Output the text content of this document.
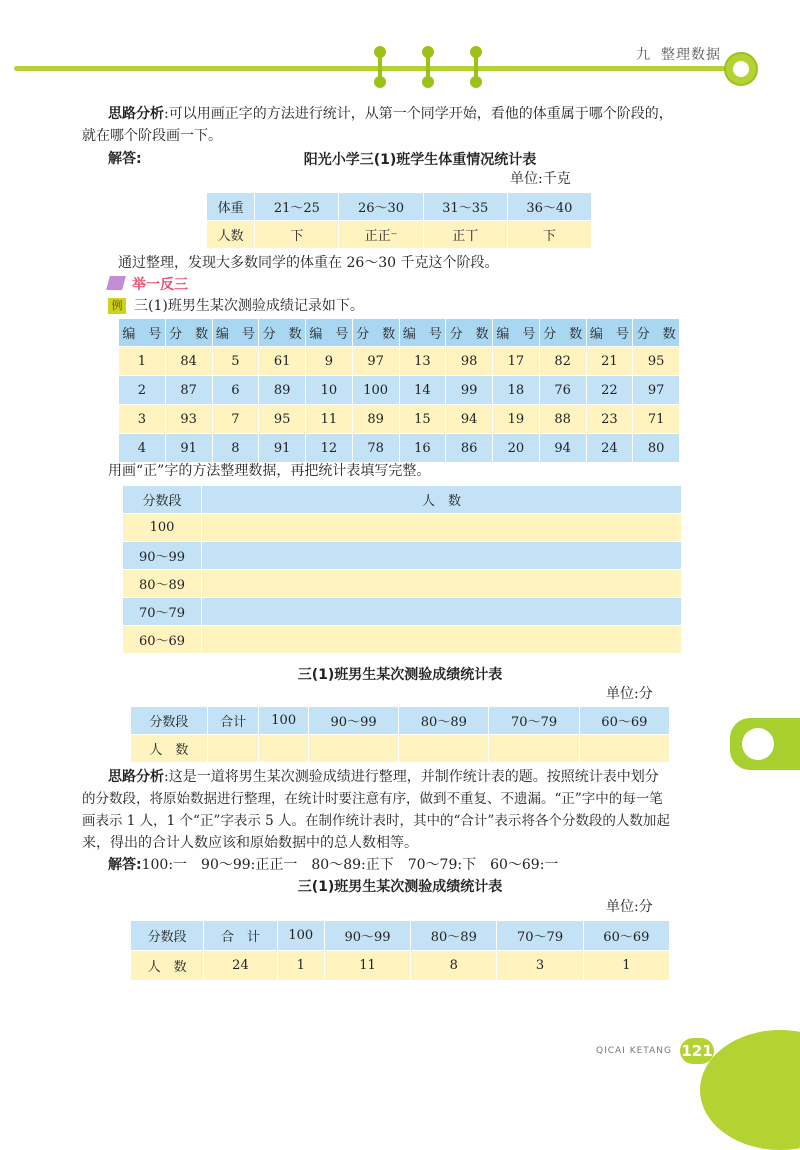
九 整理数据
思路分析:可以用画正字的方法进行统计，从第一个同学开始，看他的体重属于哪个阶段的，
就在哪个阶段画一下。
解答:	阳光小学三(1)班学生体重情况统计表
单位:千克
体重	21～25	26～30	31～35	36～40
人数	下	正正⁻	正丅	下
通过整理，发现大多数同学的体重在 26～30 千克这个阶段。
举一反三
例 三(1)班男生某次测验成绩记录如下。
编　号	分　数	编　号	分　数	编　号	分　数	编　号	分　数	编　号	分　数	编　号	分　数
1	84	5	61	9	97	13	98	17	82	21	95
2	87	6	89	10	100	14	99	18	76	22	97
3	93	7	95	11	89	15	94	19	88	23	71
4	91	8	91	12	78	16	86	20	94	24	80
用画“正”字的方法整理数据，再把统计表填写完整。
分数段	人　数
100	
90～99	
80～89	
70～79	
60～69	
三(1)班男生某次测验成绩统计表
单位:分
分数段	合计	100	90～99	80～89	70～79	60～69
人　数						
思路分析:这是一道将男生某次测验成绩进行整理，并制作统计表的题。按照统计表中划分
的分数段，将原始数据进行整理，在统计时要注意有序，做到不重复、不遗漏。“正”字中的每一笔
画表示 1 人，1 个“正”字表示 5 人。在制作统计表时，其中的“合计”表示将各个分数段的人数加起
来，得出的合计人数应该和原始数据中的总人数相等。
解答:100:一　90～99:正正一　80～89:正下　70～79:下　60～69:一
三(1)班男生某次测验成绩统计表
单位:分
分数段	合　计	100	90～99	80～89	70～79	60～69
人　数	24	1	11	8	3	1
QICAI KETANG 121
